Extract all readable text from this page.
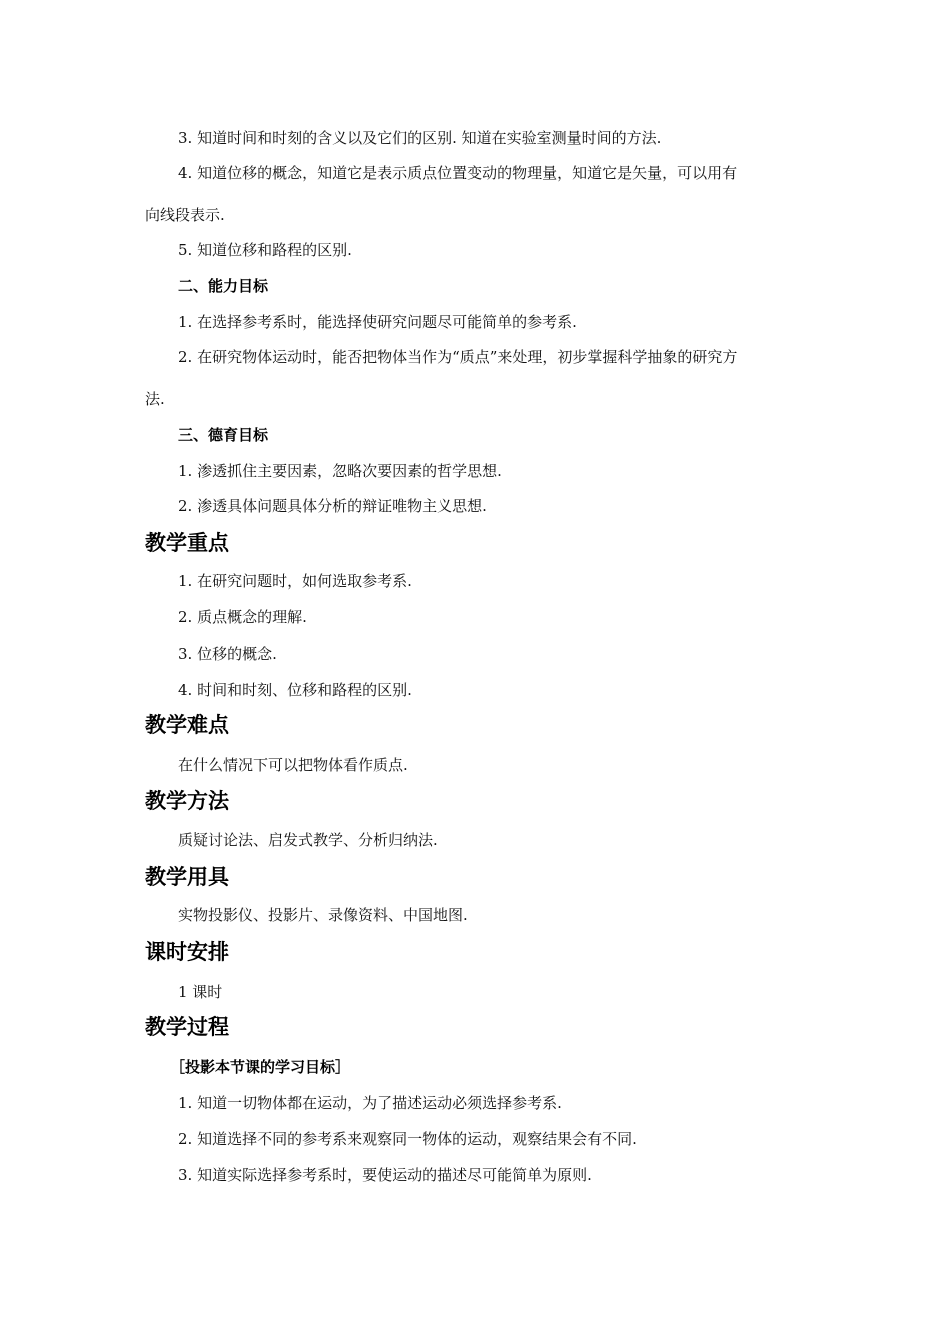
3. 知道时间和时刻的含义以及它们的区别. 知道在实验室测量时间的方法.
4. 知道位移的概念，知道它是表示质点位置变动的物理量，知道它是矢量，可以用有
向线段表示.
5. 知道位移和路程的区别.
二、能力目标
1. 在选择参考系时，能选择使研究问题尽可能简单的参考系.
2. 在研究物体运动时，能否把物体当作为“质点”来处理，初步掌握科学抽象的研究方
法.
三、德育目标
1. 渗透抓住主要因素，忽略次要因素的哲学思想.
2. 渗透具体问题具体分析的辩证唯物主义思想.
教学重点
1. 在研究问题时，如何选取参考系.
2. 质点概念的理解.
3. 位移的概念.
4. 时间和时刻、位移和路程的区别.
教学难点
在什么情况下可以把物体看作质点.
教学方法
质疑讨论法、启发式教学、分析归纳法.
教学用具
实物投影仪、投影片、录像资料、中国地图.
课时安排
1 课时
教学过程
［投影本节课的学习目标］
1. 知道一切物体都在运动，为了描述运动必须选择参考系.
2. 知道选择不同的参考系来观察同一物体的运动，观察结果会有不同.
3. 知道实际选择参考系时，要使运动的描述尽可能简单为原则.
